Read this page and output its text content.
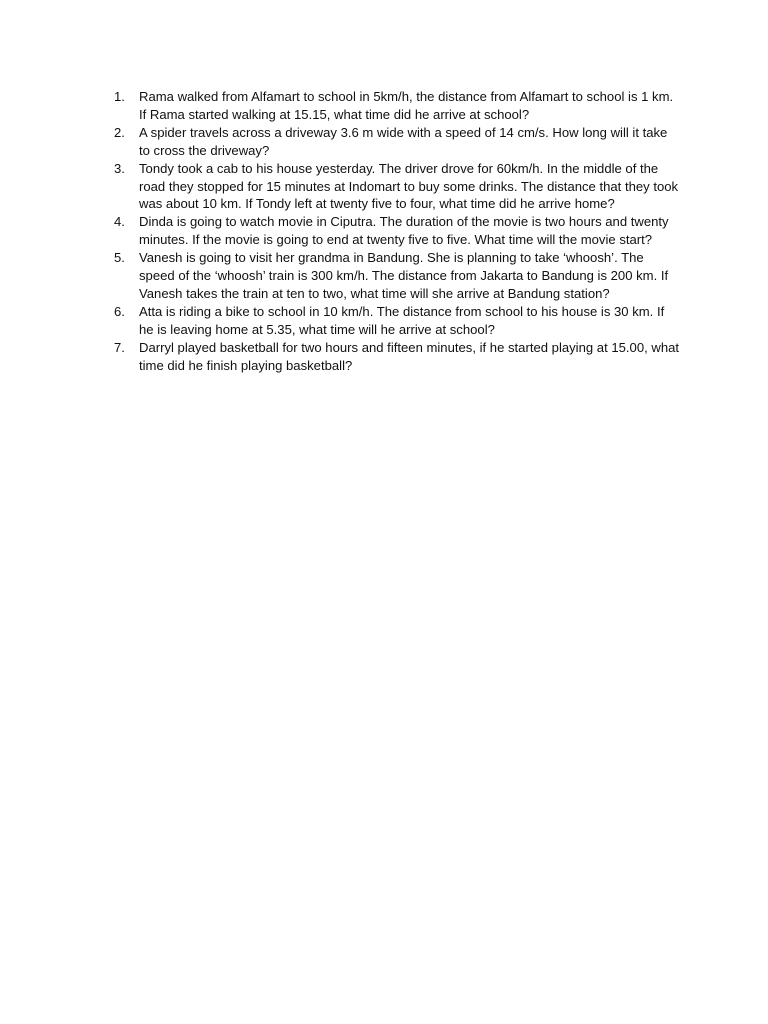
1.	Rama walked from Alfamart to school in 5km/h, the distance from Alfamart to school is 1 km. If Rama started walking at 15.15, what time did he arrive at school?
2.	A spider travels across a driveway 3.6 m wide with a speed of 14 cm/s. How long will it take to cross the driveway?
3.	Tondy took a cab to his house yesterday. The driver drove for 60km/h. In the middle of the road they stopped for 15 minutes at Indomart to buy some drinks. The distance that they took was about 10 km. If Tondy left at twenty five to four, what time did he arrive home?
4.	Dinda is going to watch movie in Ciputra. The duration of the movie is two hours and twenty minutes. If the movie is going to end at twenty five to five. What time will the movie start?
5.	Vanesh is going to visit her grandma in Bandung. She is planning to take ‘whoosh’. The speed of the ‘whoosh’ train is 300 km/h. The distance from Jakarta to Bandung is 200 km. If Vanesh takes the train at ten to two, what time will she arrive at Bandung station?
6.	Atta is riding a bike to school in 10 km/h. The distance from school to his house is 30 km. If he is leaving home at 5.35, what time will he arrive at school?
7.	Darryl played basketball for two hours and fifteen minutes, if he started playing at 15.00, what time did he finish playing basketball?
